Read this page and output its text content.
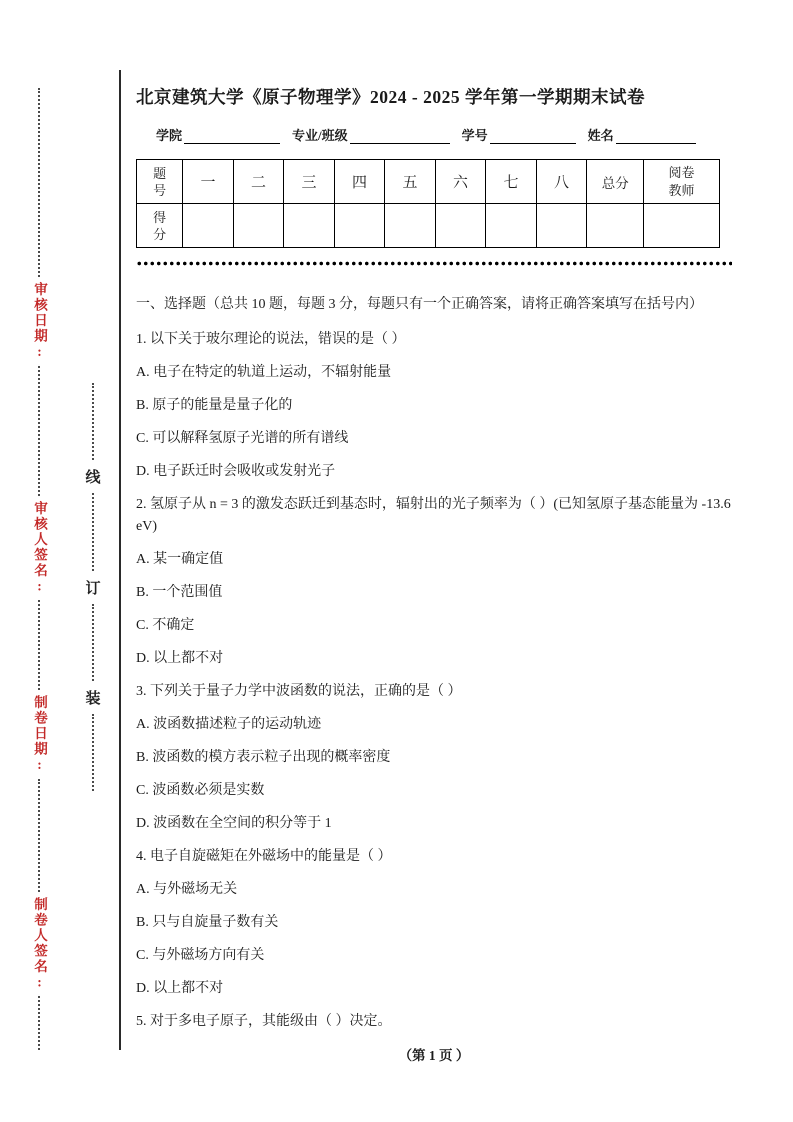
审核日期:
审核人签名:
制卷日期:
制卷人签名:
线
订
装
北京建筑大学《原子物理学》2024 - 2025 学年第一学期期末试卷
学院	专业/班级	学号	姓名
题号	一	二	三	四	五	六	七	八	总分	阅卷教师

得分										

一、选择题（总共 10 题，每题 3 分，每题只有一个正确答案，请将正确答案填写在括号内）

1. 以下关于玻尔理论的说法，错误的是（ ）

A. 电子在特定的轨道上运动，不辐射能量

B. 原子的能量是量子化的

C. 可以解释氢原子光谱的所有谱线

D. 电子跃迁时会吸收或发射光子

2. 氢原子从 n = 3 的激发态跃迁到基态时，辐射出的光子频率为（ ）(已知氢原子基态能量为 -13.6 eV)

A. 某一确定值

B. 一个范围值

C. 不确定

D. 以上都不对

3. 下列关于量子力学中波函数的说法，正确的是（ ）

A. 波函数描述粒子的运动轨迹

B. 波函数的模方表示粒子出现的概率密度

C. 波函数必须是实数

D. 波函数在全空间的积分等于 1

4. 电子自旋磁矩在外磁场中的能量是（ ）

A. 与外磁场无关

B. 只与自旋量子数有关

C. 与外磁场方向有关

D. 以上都不对

5. 对于多电子原子，其能级由（ ）决定。

（第 1 页 ）
